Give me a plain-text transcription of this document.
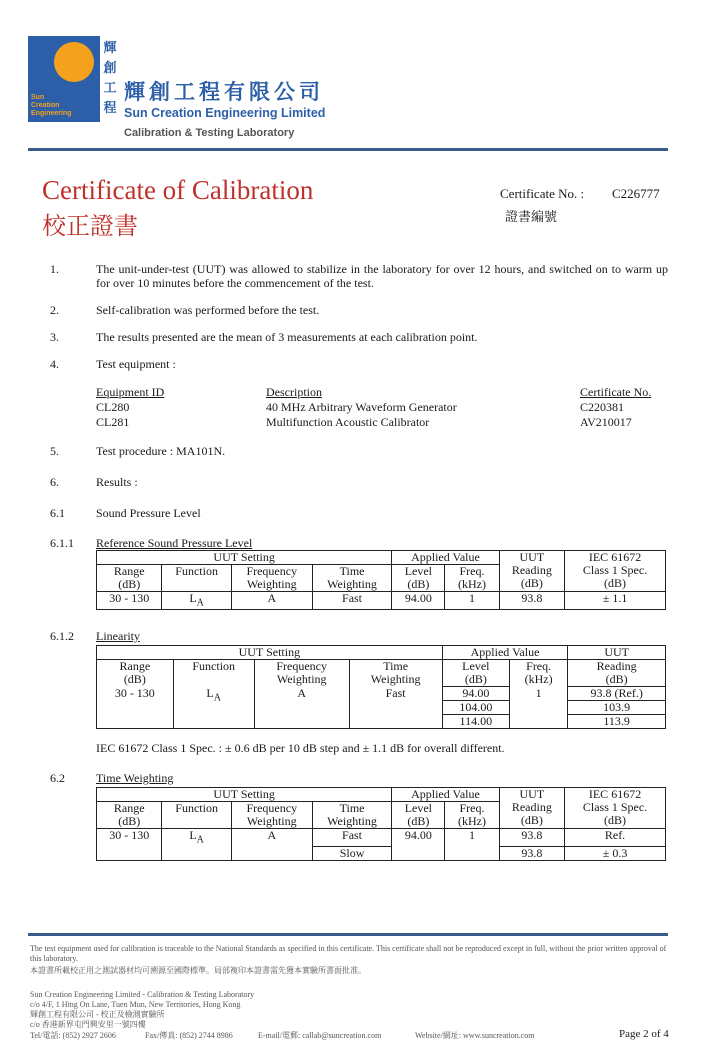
Sun
Creation
Engineering
輝
創
工
程
輝創工程有限公司
Sun Creation Engineering Limited
Calibration & Testing Laboratory
Certificate of Calibration
校正證書
Certificate No. : C226777
證書編號
1.	The unit-under-test (UUT) was allowed to stabilize in the laboratory for over 12 hours, and switched on to warm up for over 10 minutes before the commencement of the test.
2.	Self-calibration was performed before the test.
3.	The results presented are the mean of 3 measurements at each calibration point.
4.	Test equipment :
Equipment ID	Description	Certificate No.
CL280	40 MHz Arbitrary Waveform Generator	C220381
CL281	Multifunction Acoustic Calibrator	AV210017
5.	Test procedure : MA101N.
6.	Results :
6.1	Sound Pressure Level
6.1.1 Reference Sound Pressure Level
UUT Setting				Applied Value		UUT
Reading
(dB)	IEC 61672
Class 1 Spec.
(dB)
Range
(dB)	Function	Frequency
Weighting	Time
Weighting	Level
(dB)	Freq.
(kHz)		
30 - 130	$L_A$	A	Fast	94.00	1	93.8	± 1.1
6.1.2 Linearity
UUT Setting				Applied Value		UUT
Range
(dB)	Function	Frequency
Weighting	Time
Weighting	Level
(dB)	Freq.
(kHz)	Reading
(dB)
30 - 130	$L_A$	A	Fast	94.00	1	93.8 (Ref.)
				104.00		103.9
				114.00		113.9
IEC 61672 Class 1 Spec. : ± 0.6 dB per 10 dB step and ± 1.1 dB for overall different.
6.2	Time Weighting
UUT Setting				Applied Value		UUT
Reading
(dB)	IEC 61672
Class 1 Spec.
(dB)
Range
(dB)	Function	Frequency
Weighting	Time
Weighting	Level
(dB)	Freq.
(kHz)		
30 - 130	$L_A$	A	Fast	94.00	1	93.8	Ref.
			Slow			93.8	± 0.3
The test equipment used for calibration is traceable to the National Standards as specified in this certificate. This certificate shall not be reproduced except in full, without the prior written approval of this laboratory.
本證書所載校正用之測試器材均可溯源至國際標準。局部複印本證書需先獲本實驗所書面批准。
Sun Creation Engineering Limited - Calibration & Testing Laboratory
c/o 4/F, 1 Hing On Lane, Tuen Mun, New Territories, Hong Kong
輝創工程有限公司 - 校正及檢測實驗所
c/o 香港新界屯門興安里一號四樓
Tel/電話: (852) 2927 2606	Fax/傳真: (852) 2744 8986	E-mail/電郵: callab@suncreation.com	Website/網址: www.suncreation.com	Page 2 of 4
